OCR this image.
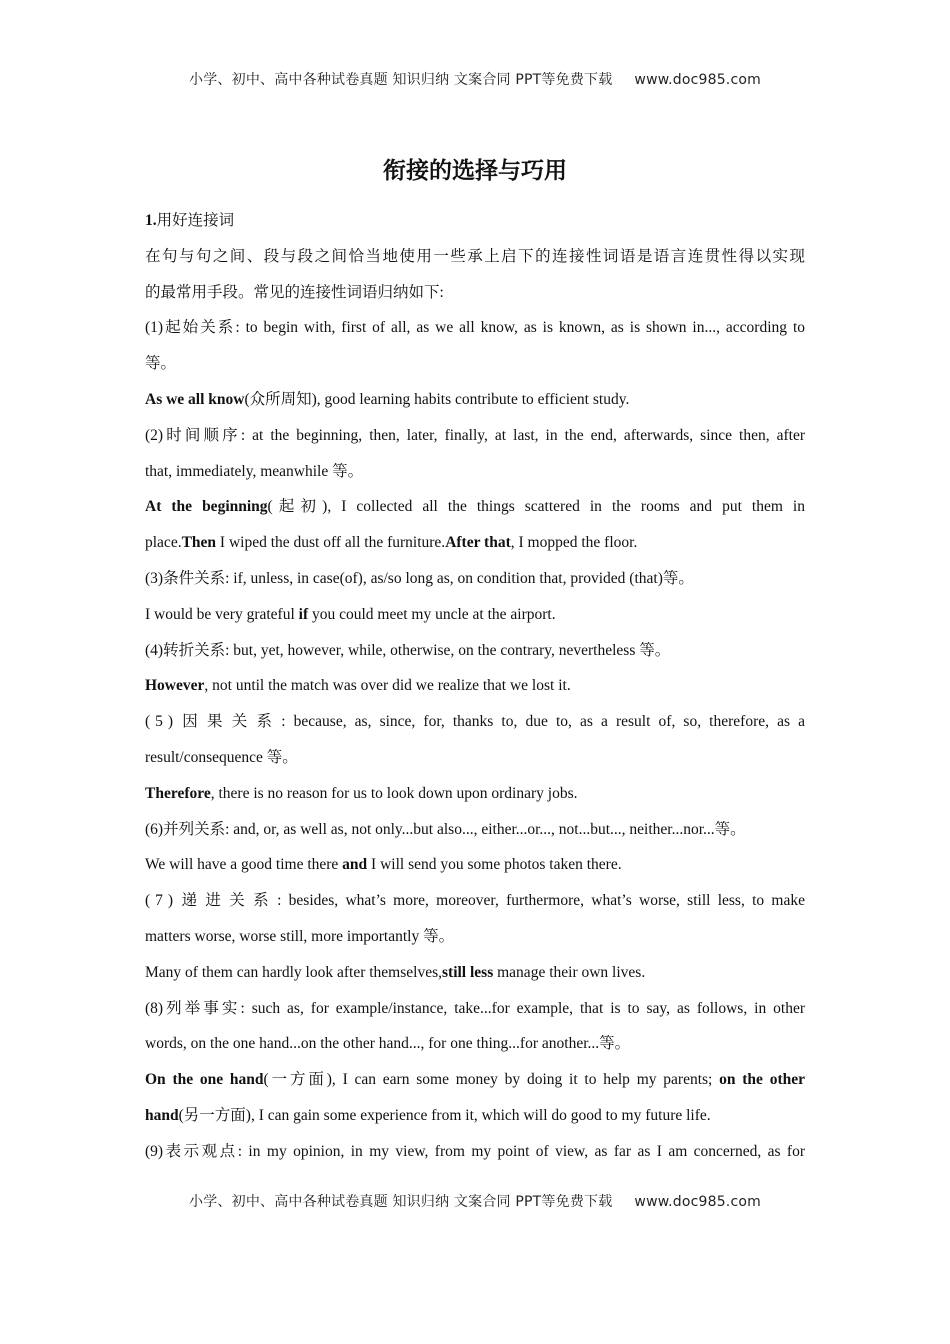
小学、初中、高中各种试卷真题 知识归纳 文案合同 PPT等免费下载 www.doc985.com
衔接的选择与巧用
1.用好连接词
在句与句之间、段与段之间恰当地使用一些承上启下的连接性词语是语言连贯性得以实现
的最常用手段。常见的连接性词语归纳如下:
(1)起始关系: to begin with, first of all, as we all know, as is known, as is shown in..., according to
等。
As we all know(众所周知), good learning habits contribute to efficient study.
(2)时间顺序: at the beginning, then, later, finally, at last, in the end, afterwards, since then, after
that, immediately, meanwhile 等。
At the beginning(起初), I collected all the things scattered in the rooms and put them in
place.Then I wiped the dust off all the furniture.After that, I mopped the floor.
(3)条件关系: if, unless, in case(of), as/so long as, on condition that, provided (that)等。
I would be very grateful if you could meet my uncle at the airport.
(4)转折关系: but, yet, however, while, otherwise, on the contrary, nevertheless 等。
However, not until the match was over did we realize that we lost it.
(5)因果关系: because, as, since, for, thanks to, due to, as a result of, so, therefore, as a
result/consequence 等。
Therefore, there is no reason for us to look down upon ordinary jobs.
(6)并列关系: and, or, as well as, not only...but also..., either...or..., not...but..., neither...nor...等。
We will have a good time there and I will send you some photos taken there.
(7)递进关系: besides, what’s more, moreover, furthermore, what’s worse, still less, to make
matters worse, worse still, more importantly 等。
Many of them can hardly look after themselves,still less manage their own lives.
(8)列举事实: such as, for example/instance, take...for example, that is to say, as follows, in other
words, on the one hand...on the other hand..., for one thing...for another...等。
On the one hand(一方面), I can earn some money by doing it to help my parents; on the other
hand(另一方面), I can gain some experience from it, which will do good to my future life.
(9)表示观点: in my opinion, in my view, from my point of view, as far as I am concerned, as for
小学、初中、高中各种试卷真题 知识归纳 文案合同 PPT等免费下载 www.doc985.com
